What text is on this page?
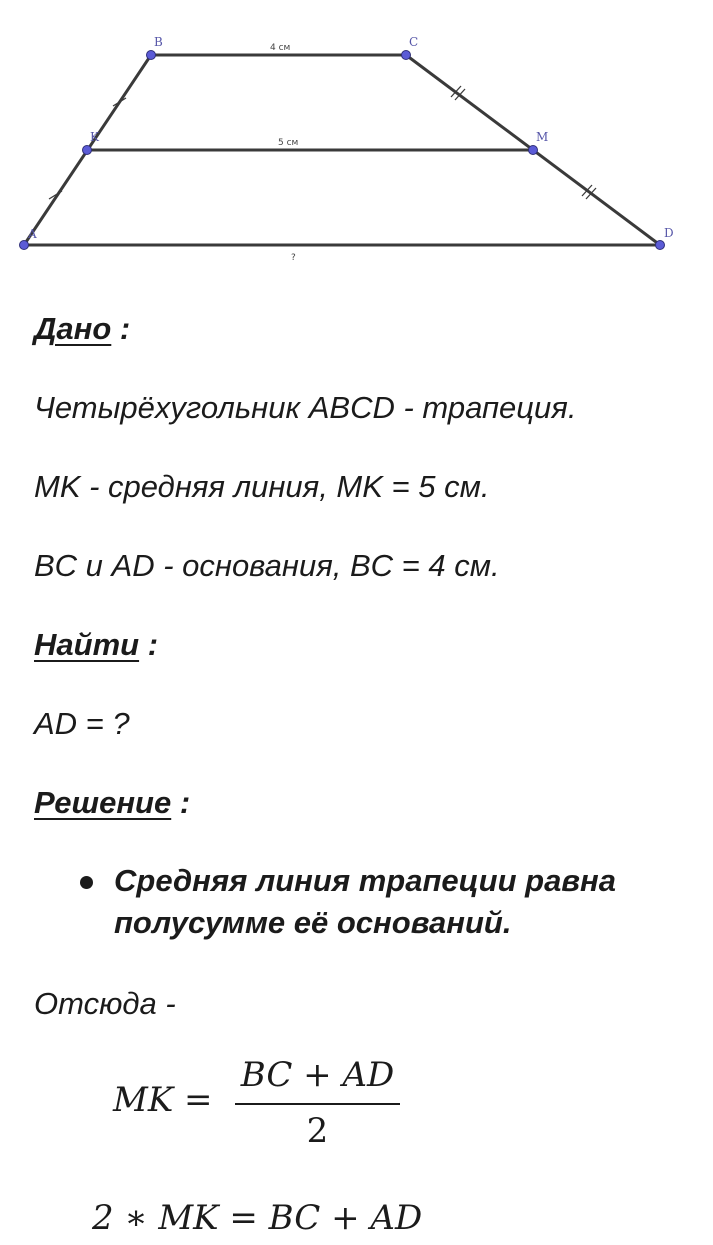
A
B	C
D
K	M
4 см
5 см
?
Дано :
Четырёхугольник ABCD - трапеция.
MK - средняя линия, MK = 5 см.
BC и AD - основания, BC = 4 см.
Найти :
AD = ?
Решение :
Средняя линия трапеции равна полусумме её оснований.
Отсюда -
MK =
BC + AD
2
2 ∗ MK = BC + AD
